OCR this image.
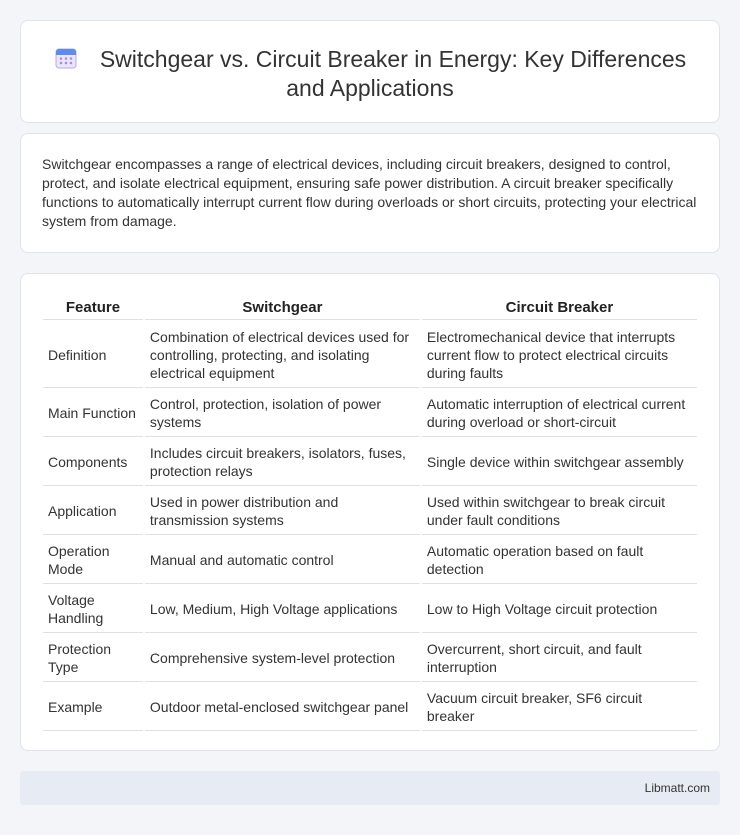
Switchgear vs. Circuit Breaker in Energy: Key Differences and Applications

Switchgear encompasses a range of electrical devices, including circuit breakers, designed to control, protect, and isolate electrical equipment, ensuring safe power distribution. A circuit breaker specifically functions to automatically interrupt current flow during overloads or short circuits, protecting your electrical system from damage.

Feature	Switchgear	Circuit Breaker
Definition	Combination of electrical devices used for controlling, protecting, and isolating electrical equipment	Electromechanical device that interrupts current flow to protect electrical circuits during faults
Main Function	Control, protection, isolation of power systems	Automatic interruption of electrical current during overload or short-circuit
Components	Includes circuit breakers, isolators, fuses, protection relays	Single device within switchgear assembly
Application	Used in power distribution and transmission systems	Used within switchgear to break circuit under fault conditions
Operation Mode	Manual and automatic control	Automatic operation based on fault detection
Voltage Handling	Low, Medium, High Voltage applications	Low to High Voltage circuit protection
Protection Type	Comprehensive system-level protection	Overcurrent, short circuit, and fault interruption
Example	Outdoor metal-enclosed switchgear panel	Vacuum circuit breaker, SF6 circuit breaker
Libmatt.com
